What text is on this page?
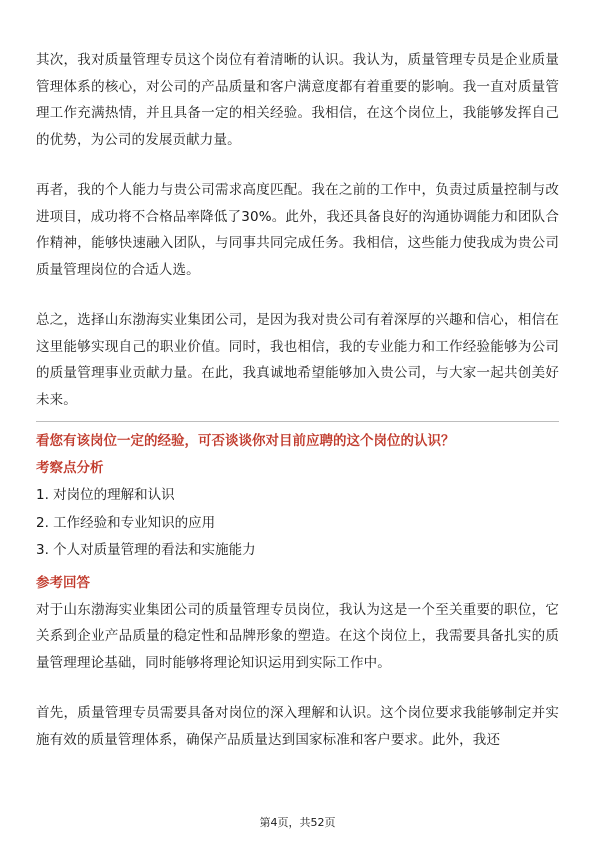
其次，我对质量管理专员这个岗位有着清晰的认识。我认为，质量管理专员是企业质量管理体系的核心，对公司的产品质量和客户满意度都有着重要的影响。我一直对质量管理工作充满热情，并且具备一定的相关经验。我相信，在这个岗位上，我能够发挥自己的优势，为公司的发展贡献力量。

再者，我的个人能力与贵公司需求高度匹配。我在之前的工作中，负责过质量控制与改进项目，成功将不合格品率降低了30%。此外，我还具备良好的沟通协调能力和团队合作精神，能够快速融入团队，与同事共同完成任务。我相信，这些能力使我成为贵公司质量管理岗位的合适人选。

总之，选择山东渤海实业集团公司，是因为我对贵公司有着深厚的兴趣和信心，相信在这里能够实现自己的职业价值。同时，我也相信，我的专业能力和工作经验能够为公司的质量管理事业贡献力量。在此，我真诚地希望能够加入贵公司，与大家一起共创美好未来。

看您有该岗位一定的经验，可否谈谈你对目前应聘的这个岗位的认识？

考察点分析

1. 对岗位的理解和认识
2. 工作经验和专业知识的应用
3. 个人对质量管理的看法和实施能力

参考回答

对于山东渤海实业集团公司的质量管理专员岗位，我认为这是一个至关重要的职位，它关系到企业产品质量的稳定性和品牌形象的塑造。在这个岗位上，我需要具备扎实的质量管理理论基础，同时能够将理论知识运用到实际工作中。

首先，质量管理专员需要具备对岗位的深入理解和认识。这个岗位要求我能够制定并实施有效的质量管理体系，确保产品质量达到国家标准和客户要求。此外，我还

第4页，共52页
